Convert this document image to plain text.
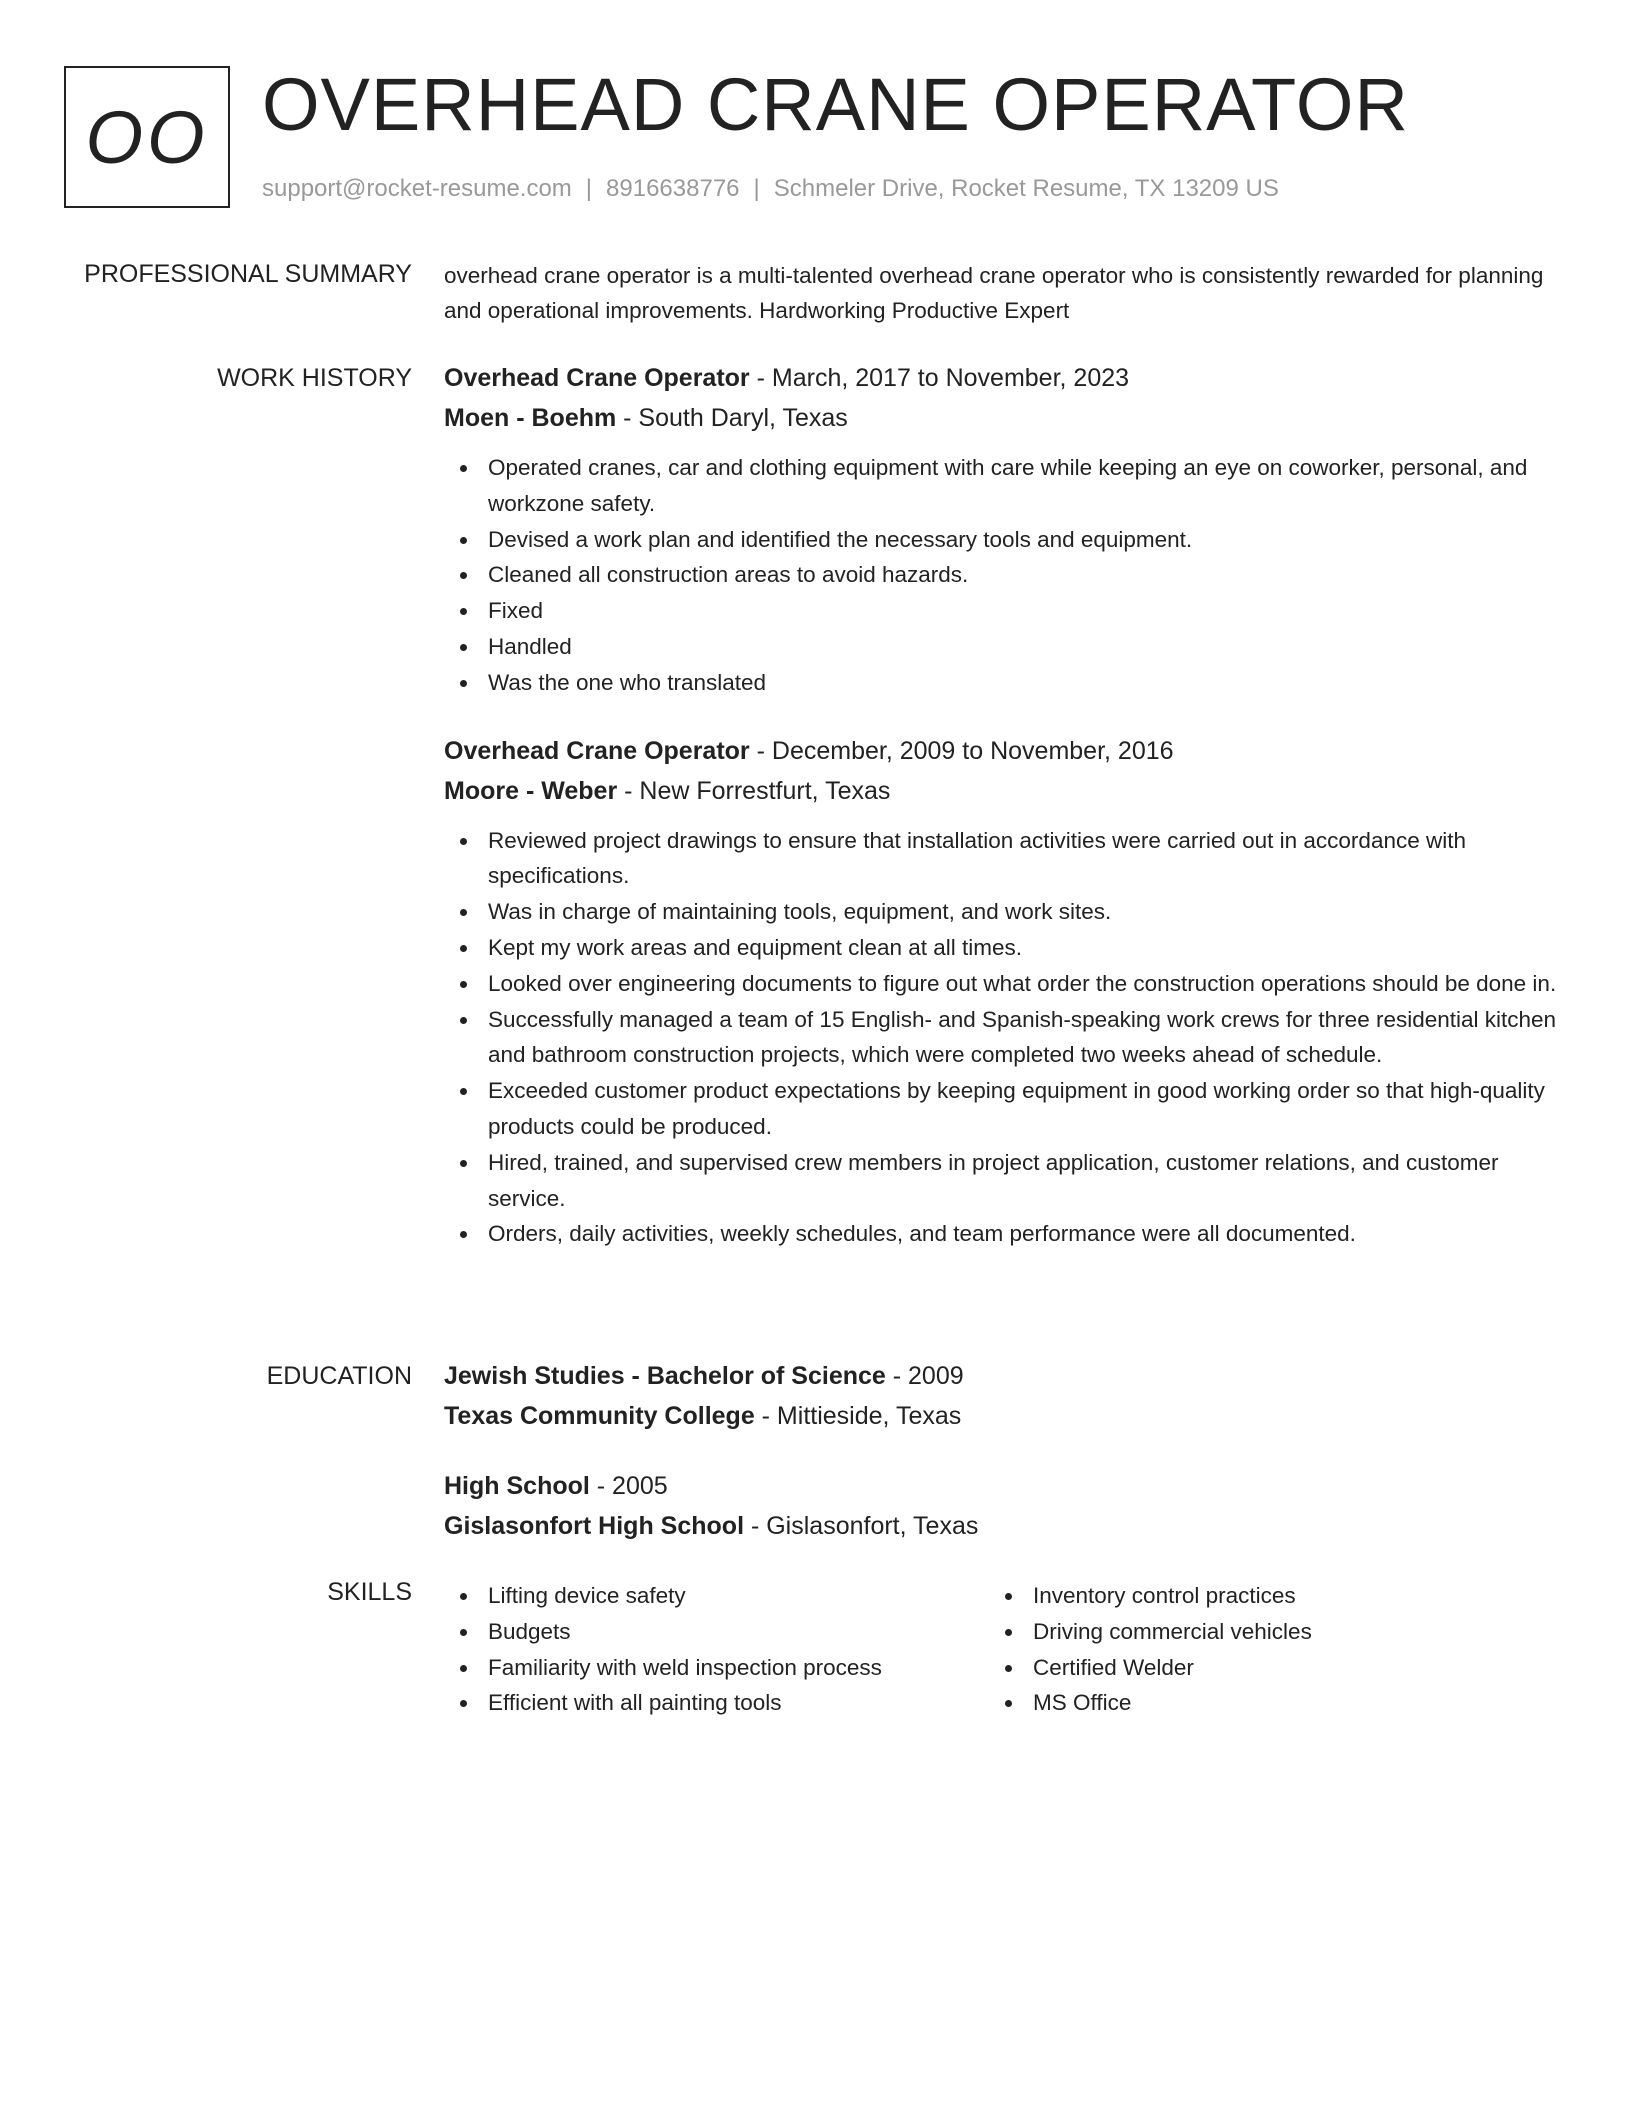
OO OVERHEAD CRANE OPERATOR
support@rocket-resume.com | 8916638776 | Schmeler Drive, Rocket Resume, TX 13209 US
PROFESSIONAL SUMMARY overhead crane operator is a multi-talented overhead crane operator who is consistently rewarded for planning and operational improvements. Hardworking Productive Expert

WORK HISTORY Overhead Crane Operator - March, 2017 to November, 2023
Moen - Boehm - South Daryl, Texas
Operated cranes, car and clothing equipment with care while keeping an eye on coworker, personal, and workzone safety.
Devised a work plan and identified the necessary tools and equipment.
Cleaned all construction areas to avoid hazards.
Fixed
Handled
Was the one who translated
Overhead Crane Operator - December, 2009 to November, 2016
Moore - Weber - New Forrestfurt, Texas
Reviewed project drawings to ensure that installation activities were carried out in accordance with specifications.
Was in charge of maintaining tools, equipment, and work sites.
Kept my work areas and equipment clean at all times.
Looked over engineering documents to figure out what order the construction operations should be done in.
Successfully managed a team of 15 English- and Spanish-speaking work crews for three residential kitchen and bathroom construction projects, which were completed two weeks ahead of schedule.
Exceeded customer product expectations by keeping equipment in good working order so that high-quality products could be produced.
Hired, trained, and supervised crew members in project application, customer relations, and customer service.
Orders, daily activities, weekly schedules, and team performance were all documented.
EDUCATION Jewish Studies - Bachelor of Science - 2009
Texas Community College - Mittieside, Texas
High School - 2005
Gislasonfort High School - Gislasonfort, Texas
SKILLS	Lifting device safety
Budgets
Familiarity with weld inspection process
Efficient with all painting tools
Inventory control practices
Driving commercial vehicles
Certified Welder
MS Office
